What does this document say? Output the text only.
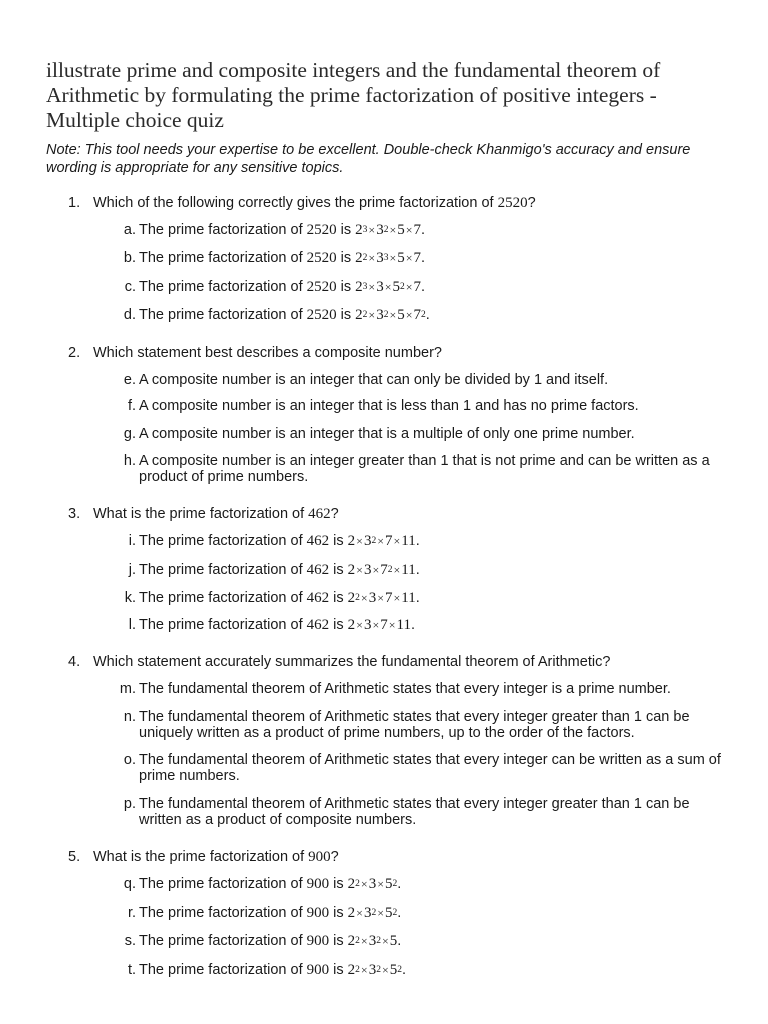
illustrate prime and composite integers and the fundamental theorem of Arithmetic by formulating the prime factorization of positive integers - Multiple choice quiz
Note: This tool needs your expertise to be excellent. Double-check Khanmigo's accuracy and ensure wording is appropriate for any sensitive topics.
1. Which of the following correctly gives the prime factorization of 2520?
a. The prime factorization of 2520 is $2^3\times 3^2\times 5\times 7$.
b. The prime factorization of 2520 is $2^2\times 3^3\times 5\times 7$.
c. The prime factorization of 2520 is $2^3\times 3\times 5^2\times 7$.
d. The prime factorization of 2520 is $2^2\times 3^2\times 5\times 7^2$.
2. Which statement best describes a composite number?
e. A composite number is an integer that can only be divided by 1 and itself.
f. A composite number is an integer that is less than 1 and has no prime factors.
g. A composite number is an integer that is a multiple of only one prime number.
h. A composite number is an integer greater than 1 that is not prime and can be written as a product of prime numbers.
3. What is the prime factorization of 462?
i. The prime factorization of 462 is $2\times 3^2\times 7\times 11$.
j. The prime factorization of 462 is $2\times 3\times 7^2\times 11$.
k. The prime factorization of 462 is $2^2\times 3\times 7\times 11$.
l. The prime factorization of 462 is 2×3×7×11.
4. Which statement accurately summarizes the fundamental theorem of Arithmetic?
m. The fundamental theorem of Arithmetic states that every integer is a prime number.
n. The fundamental theorem of Arithmetic states that every integer greater than 1 can be uniquely written as a product of prime numbers, up to the order of the factors.
o. The fundamental theorem of Arithmetic states that every integer can be written as a sum of prime numbers.
p. The fundamental theorem of Arithmetic states that every integer greater than 1 can be written as a product of composite numbers.
5. What is the prime factorization of 900?
q. The prime factorization of 900 is $2^2\times 3\times 5^2$.
r. The prime factorization of 900 is $2\times 3^2\times 5^2$.
s. The prime factorization of 900 is $2^2\times 3^2\times 5$.
t. The prime factorization of 900 is $2^2\times 3^2\times 5^2$.
